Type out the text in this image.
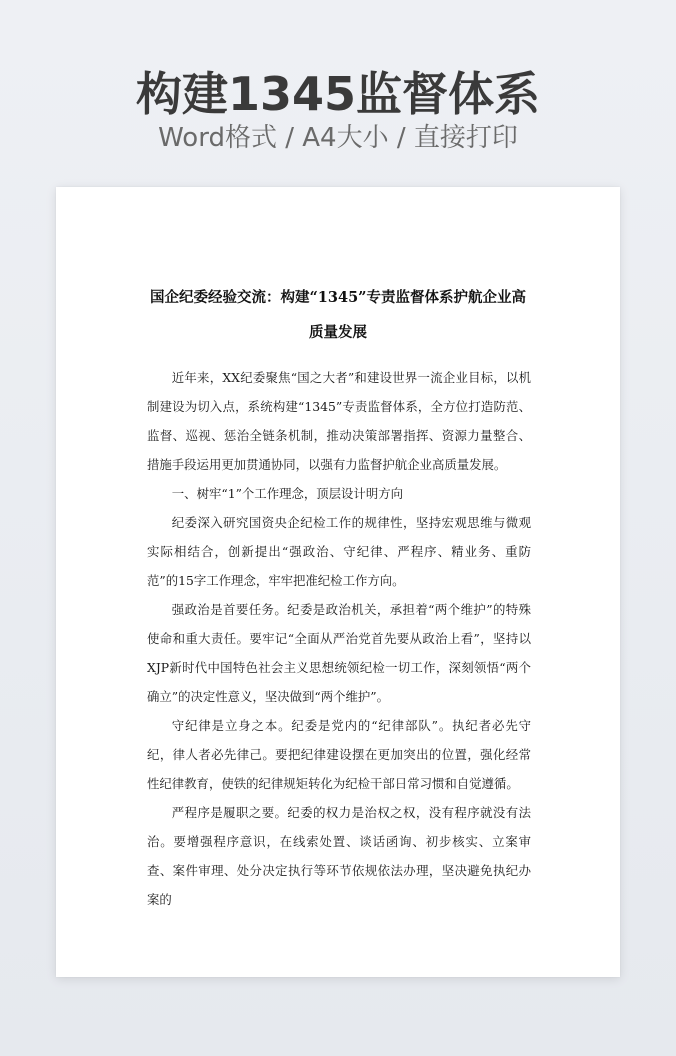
构建1345监督体系
Word格式 / A4大小 / 直接打印
国企纪委经验交流：构建“1345”专责监督体系护航企业高
质量发展

近年来，XX纪委聚焦“国之大者”和建设世界一流企业目标，以机制建设为切入点，系统构建“1345”专责监督体系，全方位打造防范、监督、巡视、惩治全链条机制，推动决策部署指挥、资源力量整合、措施手段运用更加贯通协同，以强有力监督护航企业高质量发展。

一、树牢“1”个工作理念，顶层设计明方向

纪委深入研究国资央企纪检工作的规律性，坚持宏观思维与微观实际相结合，创新提出“强政治、守纪律、严程序、精业务、重防范”的15字工作理念，牢牢把准纪检工作方向。

强政治是首要任务。纪委是政治机关，承担着“两个维护”的特殊使命和重大责任。要牢记“全面从严治党首先要从政治上看”，坚持以XJP新时代中国特色社会主义思想统领纪检一切工作，深刻领悟“两个确立”的决定性意义，坚决做到“两个维护”。

守纪律是立身之本。纪委是党内的“纪律部队”。执纪者必先守纪，律人者必先律己。要把纪律建设摆在更加突出的位置，强化经常性纪律教育，使铁的纪律规矩转化为纪检干部日常习惯和自觉遵循。

严程序是履职之要。纪委的权力是治权之权，没有程序就没有法治。要增强程序意识，在线索处置、谈话函询、初步核实、立案审查、案件审理、处分决定执行等环节依规依法办理，坚决避免执纪办案的
